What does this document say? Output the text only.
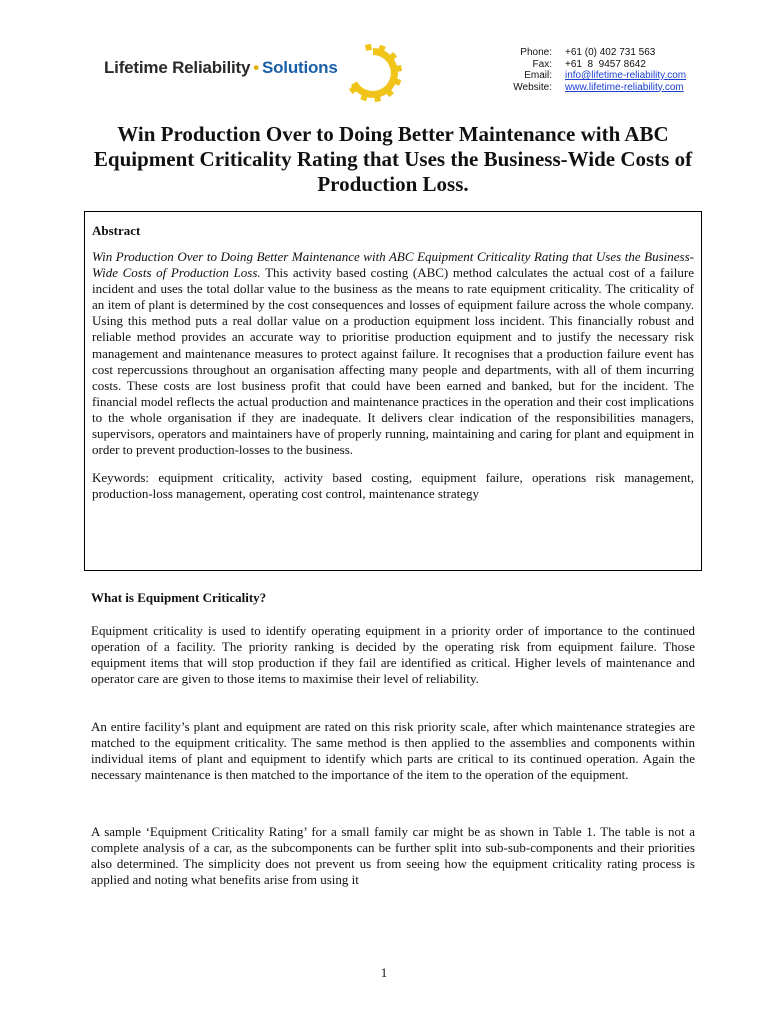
Lifetime Reliability • Solutions
Phone:
Fax:
Email:
Website:
+61 (0) 402 731 563
+61  8  9457 8642
info@lifetime-reliability.com
www.lifetime-reliability.com
Win Production Over to Doing Better Maintenance with ABC Equipment Criticality Rating that Uses the Business-Wide Costs of Production Loss.

Abstract

Win Production Over to Doing Better Maintenance with ABC Equipment Criticality Rating that Uses the Business-Wide Costs of Production Loss. This activity based costing (ABC) method calculates the actual cost of a failure incident and uses the total dollar value to the business as the means to rate equipment criticality. The criticality of an item of plant is determined by the cost consequences and losses of equipment failure across the whole company. Using this method puts a real dollar value on a production equipment loss incident. This financially robust and reliable method provides an accurate way to prioritise production equipment and to justify the necessary risk management and maintenance measures to protect against failure. It recognises that a production failure event has cost repercussions throughout an organisation affecting many people and departments, with all of them incurring costs. These costs are lost business profit that could have been earned and banked, but for the incident. The financial model reflects the actual production and maintenance practices in the operation and their cost implications to the whole organisation if they are inadequate. It delivers clear indication of the responsibilities managers, supervisors, operators and maintainers have of properly running, maintaining and caring for plant and equipment in order to prevent production-losses to the business.

Keywords: equipment criticality, activity based costing, equipment failure, operations risk management, production-loss management, operating cost control, maintenance strategy

What is Equipment Criticality?

Equipment criticality is used to identify operating equipment in a priority order of importance to the continued operation of a facility. The priority ranking is decided by the operating risk from equipment failure. Those equipment items that will stop production if they fail are identified as critical. Higher levels of maintenance and operator care are given to those items to maximise their level of reliability.

An entire facility’s plant and equipment are rated on this risk priority scale, after which maintenance strategies are matched to the equipment criticality. The same method is then applied to the assemblies and components within individual items of plant and equipment to identify which parts are critical to its continued operation. Again the necessary maintenance is then matched to the importance of the item to the operation of the equipment.

A sample ‘Equipment Criticality Rating’ for a small family car might be as shown in Table 1. The table is not a complete analysis of a car, as the subcomponents can be further split into sub-sub-components and their priorities also determined. The simplicity does not prevent us from seeing how the equipment criticality rating process is applied and noting what benefits arise from using it

1
